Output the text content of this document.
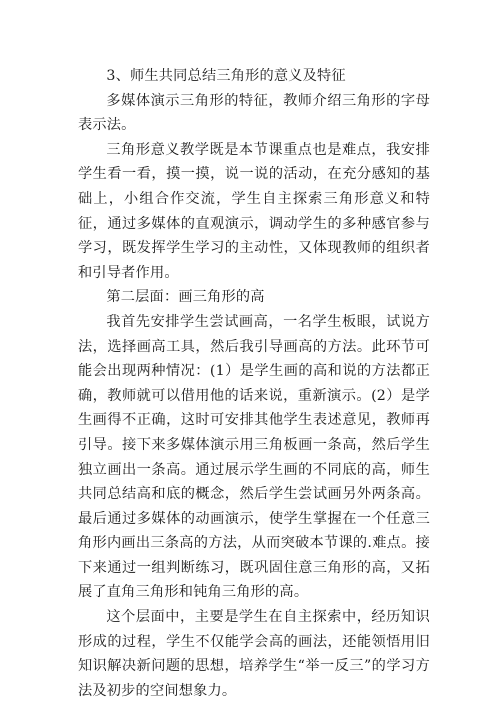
3、师生共同总结三角形的意义及特征

多媒体演示三角形的特征，教师介绍三角形的字母表示法。

三角形意义教学既是本节课重点也是难点，我安排学生看一看，摸一摸，说一说的活动，在充分感知的基础上，小组合作交流，学生自主探索三角形意义和特征，通过多媒体的直观演示，调动学生的多种感官参与学习，既发挥学生学习的主动性，又体现教师的组织者和引导者作用。

第二层面：画三角形的高

我首先安排学生尝试画高，一名学生板眼，试说方法，选择画高工具，然后我引导画高的方法。此环节可能会出现两种情况：(1）是学生画的高和说的方法都正确，教师就可以借用他的话来说，重新演示。(2）是学生画得不正确，这时可安排其他学生表述意见，教师再引导。接下来多媒体演示用三角板画一条高，然后学生独立画出一条高。通过展示学生画的不同底的高，师生共同总结高和底的概念，然后学生尝试画另外两条高。最后通过多媒体的动画演示，使学生掌握在一个任意三角形内画出三条高的方法，从而突破本节课的.难点。接下来通过一组判断练习，既巩固住意三角形的高，又拓展了直角三角形和钝角三角形的高。

这个层面中，主要是学生在自主探索中，经历知识形成的过程，学生不仅能学会高的画法，还能领悟用旧知识解决新问题的思想，培养学生“举一反三”的学习方法及初步的空间想象力。
